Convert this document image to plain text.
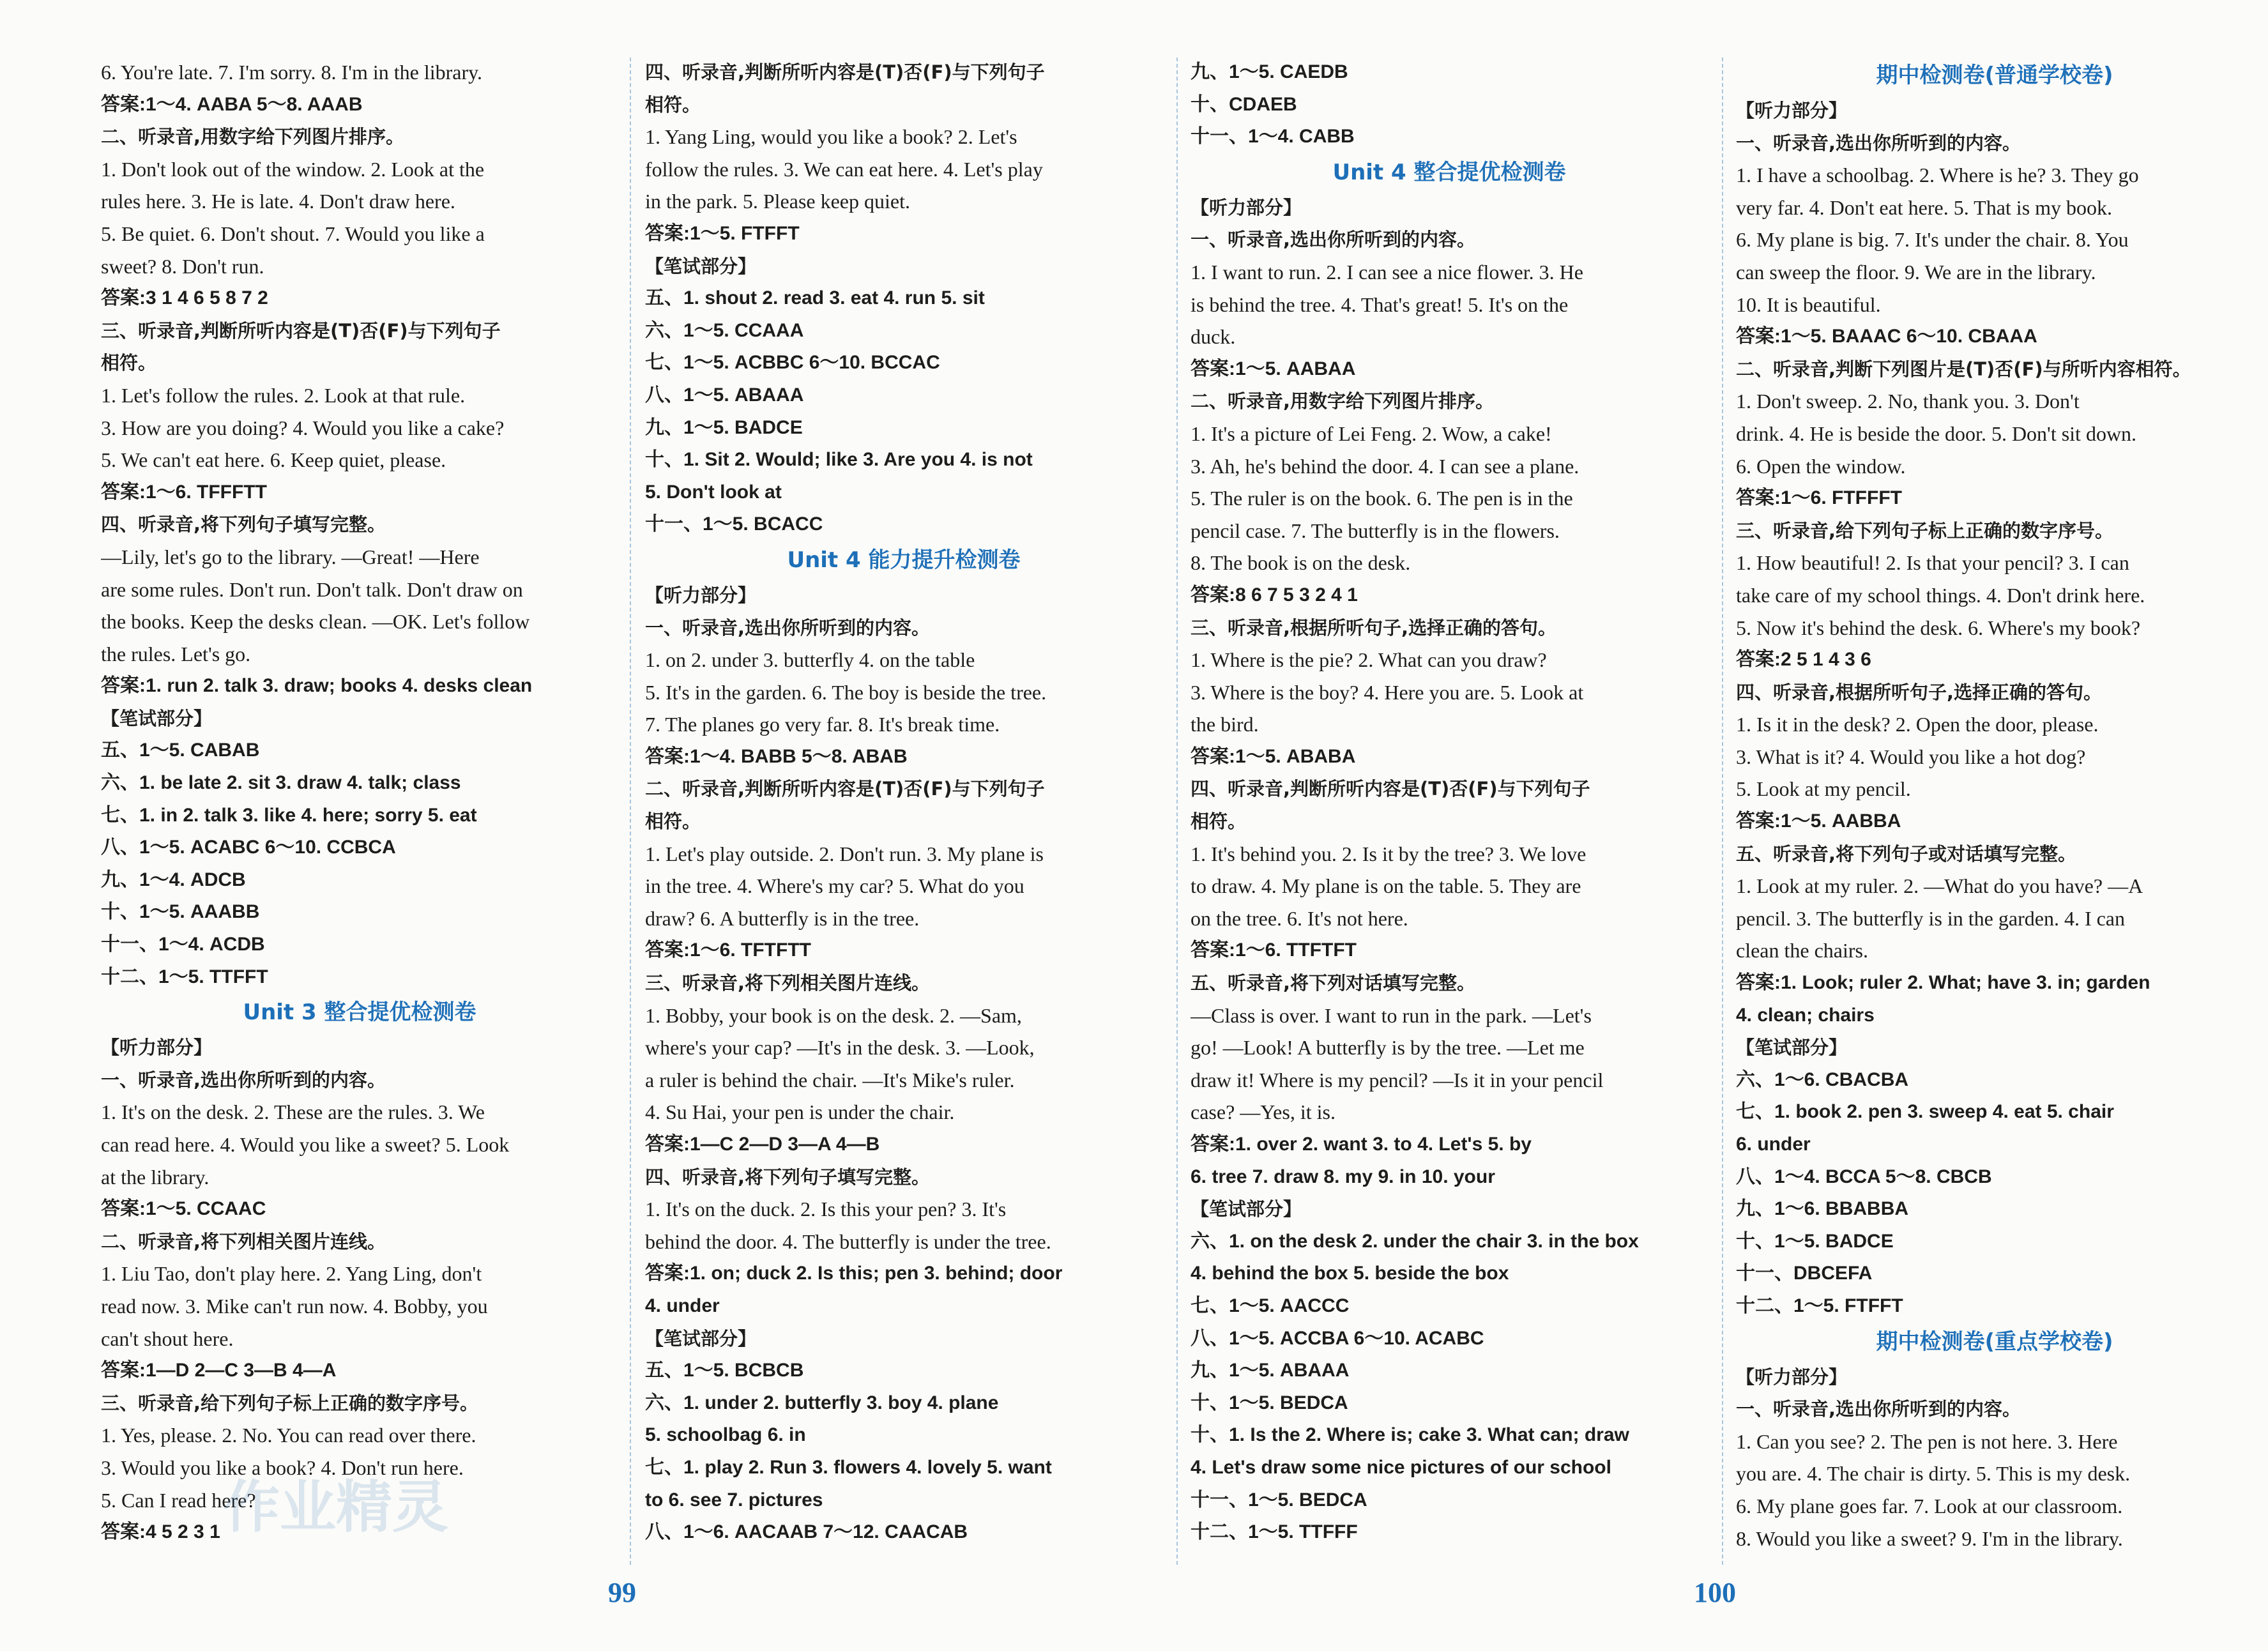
6. You're late. 7. I'm sorry. 8. I'm in the library.
答案:1～4. AABA 5～8. AAAB
二、听录音,用数字给下列图片排序。
1. Don't look out of the window. 2. Look at the
rules here. 3. He is late. 4. Don't draw here.
5. Be quiet. 6. Don't shout. 7. Would you like a
sweet? 8. Don't run.
答案:3 1 4 6 5 8 7 2
三、听录音,判断所听内容是(T)否(F)与下列句子
相符。
1. Let's follow the rules. 2. Look at that rule.
3. How are you doing? 4. Would you like a cake?
5. We can't eat here. 6. Keep quiet, please.
答案:1～6. TFFFTT
四、听录音,将下列句子填写完整。
—Lily, let's go to the library. —Great! —Here
are some rules. Don't run. Don't talk. Don't draw on
the books. Keep the desks clean. —OK. Let's follow
the rules. Let's go.
答案:1. run 2. talk 3. draw; books 4. desks clean
【笔试部分】
五、1～5. CABAB
六、1. be late 2. sit 3. draw 4. talk; class
七、1. in 2. talk 3. like 4. here; sorry 5. eat
八、1～5. ACABC 6～10. CCBCA
九、1～4. ADCB
十、1～5. AAABB
十一、1～4. ACDB
十二、1～5. TTFFT
Unit 3 整合提优检测卷
【听力部分】
一、听录音,选出你所听到的内容。
1. It's on the desk. 2. These are the rules. 3. We
can read here. 4. Would you like a sweet? 5. Look
at the library.
答案:1～5. CCAAC
二、听录音,将下列相关图片连线。
1. Liu Tao, don't play here. 2. Yang Ling, don't
read now. 3. Mike can't run now. 4. Bobby, you
can't shout here.
答案:1—D 2—C 3—B 4—A
三、听录音,给下列句子标上正确的数字序号。
1. Yes, please. 2. No. You can read over there.
3. Would you like a book? 4. Don't run here.
5. Can I read here?
答案:4 5 2 3 1
四、听录音,判断所听内容是(T)否(F)与下列句子
相符。
1. Yang Ling, would you like a book? 2. Let's
follow the rules. 3. We can eat here. 4. Let's play
in the park. 5. Please keep quiet.
答案:1～5. FTFFT
【笔试部分】
五、1. shout 2. read 3. eat 4. run 5. sit
六、1～5. CCAAA
七、1～5. ACBBC 6～10. BCCAC
八、1～5. ABAAA
九、1～5. BADCE
十、1. Sit 2. Would; like 3. Are you 4. is not
5. Don't look at
十一、1～5. BCACC
Unit 4 能力提升检测卷
【听力部分】
一、听录音,选出你所听到的内容。
1. on 2. under 3. butterfly 4. on the table
5. It's in the garden. 6. The boy is beside the tree.
7. The planes go very far. 8. It's break time.
答案:1～4. BABB 5～8. ABAB
二、听录音,判断所听内容是(T)否(F)与下列句子
相符。
1. Let's play outside. 2. Don't run. 3. My plane is
in the tree. 4. Where's my car? 5. What do you
draw? 6. A butterfly is in the tree.
答案:1～6. TFTFTT
三、听录音,将下列相关图片连线。
1. Bobby, your book is on the desk. 2. —Sam,
where's your cap? —It's in the desk. 3. —Look,
a ruler is behind the chair. —It's Mike's ruler.
4. Su Hai, your pen is under the chair.
答案:1—C 2—D 3—A 4—B
四、听录音,将下列句子填写完整。
1. It's on the duck. 2. Is this your pen? 3. It's
behind the door. 4. The butterfly is under the tree.
答案:1. on; duck 2. Is this; pen 3. behind; door
4. under
【笔试部分】
五、1～5. BCBCB
六、1. under 2. butterfly 3. boy 4. plane
5. schoolbag 6. in
七、1. play 2. Run 3. flowers 4. lovely 5. want
to 6. see 7. pictures
八、1～6. AACAAB 7～12. CAACAB
九、1～5. CAEDB
十、CDAEB
十一、1～4. CABB
Unit 4 整合提优检测卷
【听力部分】
一、听录音,选出你所听到的内容。
1. I want to run. 2. I can see a nice flower. 3. He
is behind the tree. 4. That's great! 5. It's on the
duck.
答案:1～5. AABAA
二、听录音,用数字给下列图片排序。
1. It's a picture of Lei Feng. 2. Wow, a cake!
3. Ah, he's behind the door. 4. I can see a plane.
5. The ruler is on the book. 6. The pen is in the
pencil case. 7. The butterfly is in the flowers.
8. The book is on the desk.
答案:8 6 7 5 3 2 4 1
三、听录音,根据所听句子,选择正确的答句。
1. Where is the pie? 2. What can you draw?
3. Where is the boy? 4. Here you are. 5. Look at
the bird.
答案:1～5. ABABA
四、听录音,判断所听内容是(T)否(F)与下列句子
相符。
1. It's behind you. 2. Is it by the tree? 3. We love
to draw. 4. My plane is on the table. 5. They are
on the tree. 6. It's not here.
答案:1～6. TTFTFT
五、听录音,将下列对话填写完整。
—Class is over. I want to run in the park. —Let's
go! —Look! A butterfly is by the tree. —Let me
draw it! Where is my pencil? —Is it in your pencil
case? —Yes, it is.
答案:1. over 2. want 3. to 4. Let's 5. by
6. tree 7. draw 8. my 9. in 10. your
【笔试部分】
六、1. on the desk 2. under the chair 3. in the box
4. behind the box 5. beside the box
七、1～5. AACCC
八、1～5. ACCBA 6～10. ACABC
九、1～5. ABAAA
十、1～5. BEDCA
十、1. Is the 2. Where is; cake 3. What can; draw
4. Let's draw some nice pictures of our school
十一、1～5. BEDCA
十二、1～5. TTFFF
期中检测卷(普通学校卷)
【听力部分】
一、听录音,选出你所听到的内容。
1. I have a schoolbag. 2. Where is he? 3. They go
very far. 4. Don't eat here. 5. That is my book.
6. My plane is big. 7. It's under the chair. 8. You
can sweep the floor. 9. We are in the library.
10. It is beautiful.
答案:1～5. BAAAC 6～10. CBAAA
二、听录音,判断下列图片是(T)否(F)与所听内容相符。
1. Don't sweep. 2. No, thank you. 3. Don't
drink. 4. He is beside the door. 5. Don't sit down.
6. Open the window.
答案:1～6. FTFFFT
三、听录音,给下列句子标上正确的数字序号。
1. How beautiful! 2. Is that your pencil? 3. I can
take care of my school things. 4. Don't drink here.
5. Now it's behind the desk. 6. Where's my book?
答案:2 5 1 4 3 6
四、听录音,根据所听句子,选择正确的答句。
1. Is it in the desk? 2. Open the door, please.
3. What is it? 4. Would you like a hot dog?
5. Look at my pencil.
答案:1～5. AABBA
五、听录音,将下列句子或对话填写完整。
1. Look at my ruler. 2. —What do you have? —A
pencil. 3. The butterfly is in the garden. 4. I can
clean the chairs.
答案:1. Look; ruler 2. What; have 3. in; garden
4. clean; chairs
【笔试部分】
六、1～6. CBACBA
七、1. book 2. pen 3. sweep 4. eat 5. chair
6. under
八、1～4. BCCA 5～8. CBCB
九、1～6. BBABBA
十、1～5. BADCE
十一、DBCEFA
十二、1～5. FTFFT
期中检测卷(重点学校卷)
【听力部分】
一、听录音,选出你所听到的内容。
1. Can you see? 2. The pen is not here. 3. Here
you are. 4. The chair is dirty. 5. This is my desk.
6. My plane goes far. 7. Look at our classroom.
8. Would you like a sweet? 9. I'm in the library.
99	100
作业精灵
